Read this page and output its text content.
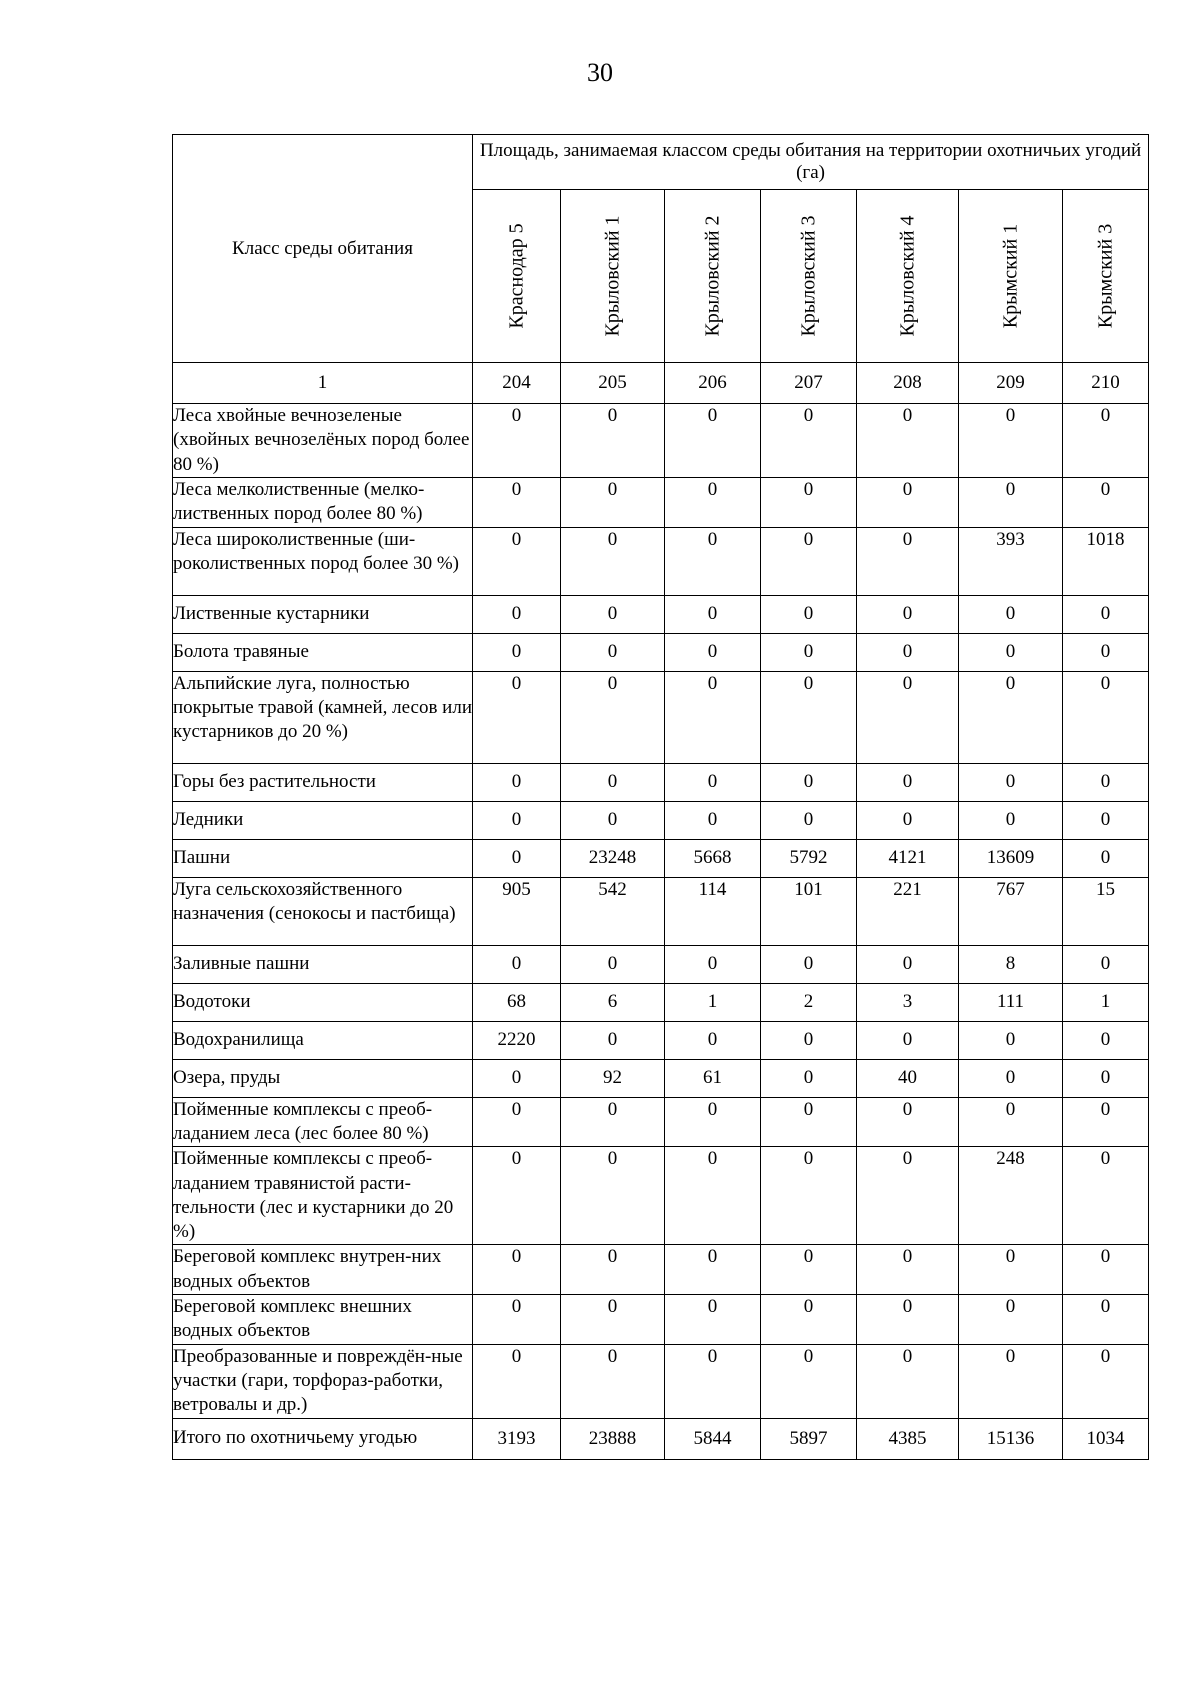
30
Класс среды обитания	Площадь, занимаемая классом среды обитания на территории охотничьих угодий (га)						

	Краснодар 5	Крыловский 1	Крыловский 2	Крыловский 3	Крыловский 4	Крымский 1	Крымский 3

1	204	205	206	207	208	209	210
Леса хвойные вечнозеленые (хвойных вечнозелёных пород более 80 %)	0	0	0	0	0	0	0
Леса мелколиственные (мелко-лиственных пород более 80 %)	0	0	0	0	0	0	0
Леса широколиственные (ши-роколиственных пород более 30 %)	0	0	0	0	0	393	1018
Лиственные кустарники	0	0	0	0	0	0	0
Болота травяные	0	0	0	0	0	0	0
Альпийские луга, полностью покрытые травой (камней, лесов или кустарников до 20 %)	0	0	0	0	0	0	0
Горы без растительности	0	0	0	0	0	0	0
Ледники	0	0	0	0	0	0	0
Пашни	0	23248	5668	5792	4121	13609	0
Луга сельскохозяйственного назначения (сенокосы и пастбища)	905	542	114	101	221	767	15
Заливные пашни	0	0	0	0	0	8	0
Водотоки	68	6	1	2	3	111	1
Водохранилища	2220	0	0	0	0	0	0
Озера, пруды	0	92	61	0	40	0	0
Пойменные комплексы с преоб-ладанием леса (лес более 80 %)	0	0	0	0	0	0	0
Пойменные комплексы с преоб-ладанием травянистой расти-тельности (лес и кустарники до 20 %)	0	0	0	0	0	248	0
Береговой комплекс внутрен-них водных объектов	0	0	0	0	0	0	0
Береговой комплекс внешних водных объектов	0	0	0	0	0	0	0
Преобразованные и повреждён-ные участки (гари, торфораз-работки, ветровалы и др.)	0	0	0	0	0	0	0
Итого по охотничьему угодью	3193	23888	5844	5897	4385	15136	1034
